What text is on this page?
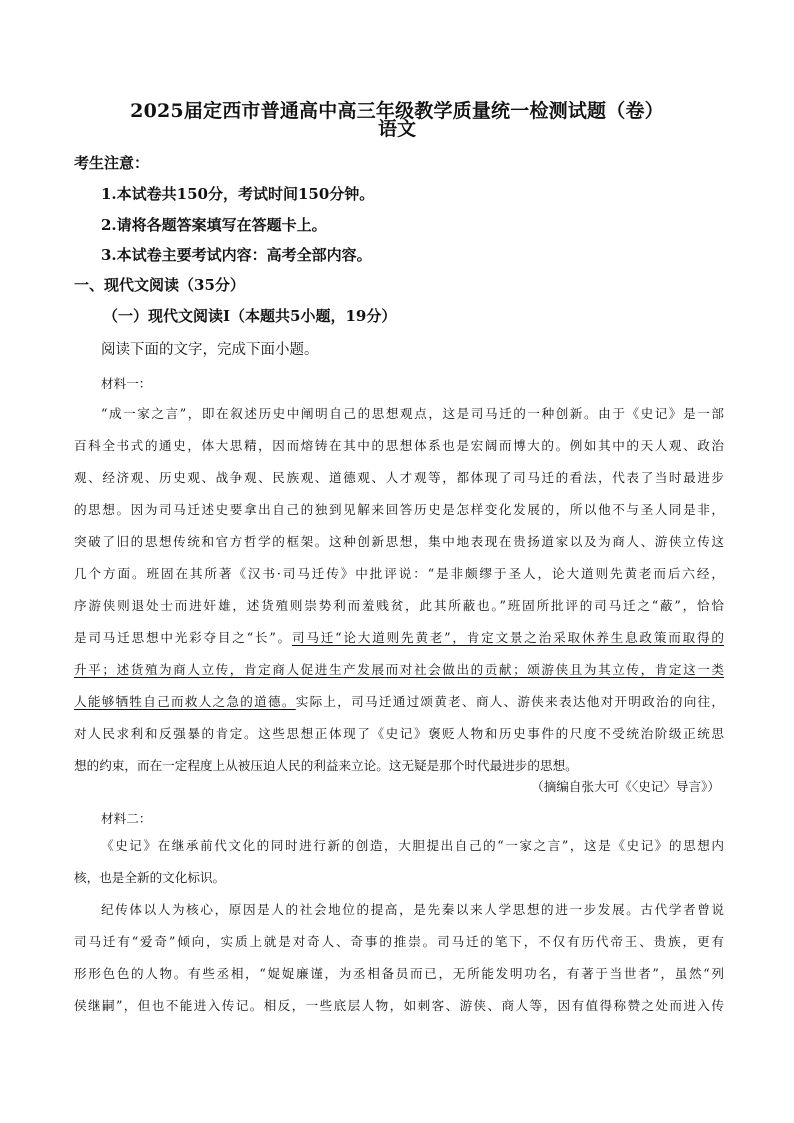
2025届定西市普通高中高三年级教学质量统一检测试题（卷）
语文
考生注意：
1.本试卷共150分，考试时间150分钟。
2.请将各题答案填写在答题卡上。
3.本试卷主要考试内容：高考全部内容。
一、现代文阅读（35分）
（一）现代文阅读Ⅰ（本题共5小题，19分）
阅读下面的文字，完成下面小题。
材料一：
“成一家之言”，即在叙述历史中阐明自己的思想观点，这是司马迁的一种创新。由于《史记》是一部
百科全书式的通史，体大思精，因而熔铸在其中的思想体系也是宏阔而博大的。例如其中的天人观、政治
观、经济观、历史观、战争观、民族观、道德观、人才观等，都体现了司马迁的看法，代表了当时最进步
的思想。因为司马迁述史要拿出自己的独到见解来回答历史是怎样变化发展的，所以他不与圣人同是非，
突破了旧的思想传统和官方哲学的框架。这种创新思想，集中地表现在贵扬道家以及为商人、游侠立传这
几个方面。班固在其所著《汉书·司马迁传》中批评说：“是非颇缪于圣人，论大道则先黄老而后六经，
序游侠则退处士而进奸雄，述货殖则崇势利而羞贱贫，此其所蔽也。”班固所批评的司马迁之“蔽”，恰恰
是司马迁思想中光彩夺目之“长”。司马迁“论大道则先黄老”，肯定文景之治采取休养生息政策而取得的
升平；述货殖为商人立传，肯定商人促进生产发展而对社会做出的贡献；颂游侠且为其立传，肯定这一类
人能够牺牲自己而救人之急的道德。实际上，司马迁通过颂黄老、商人、游侠来表达他对开明政治的向往，
对人民求利和反强暴的肯定。这些思想正体现了《史记》褒贬人物和历史事件的尺度不受统治阶级正统思
想的约束，而在一定程度上从被压迫人民的利益来立论。这无疑是那个时代最进步的思想。
（摘编自张大可《〈史记〉导言》）
材料二：
《史记》在继承前代文化的同时进行新的创造，大胆提出自己的“一家之言”，这是《史记》的思想内
核，也是全新的文化标识。
纪传体以人为核心，原因是人的社会地位的提高，是先秦以来人学思想的进一步发展。古代学者曾说
司马迁有“爱奇”倾向，实质上就是对奇人、奇事的推崇。司马迁的笔下，不仅有历代帝王、贵族，更有
形形色色的人物。有些丞相，“娖娖廉谨，为丞相备员而已，无所能发明功名，有著于当世者”，虽然“列
侯继嗣”，但也不能进入传记。相反，一些底层人物，如刺客、游侠、商人等，因有值得称赞之处而进入传
